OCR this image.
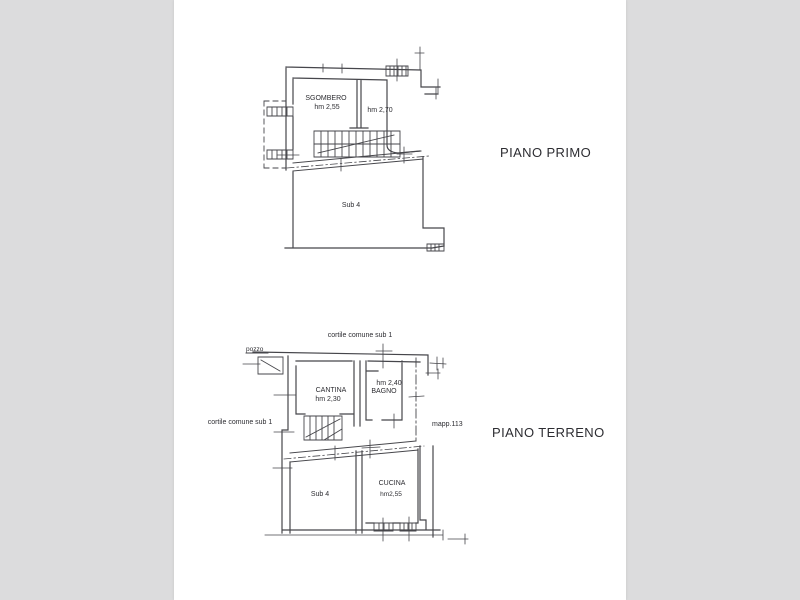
PIANO PRIMO
SGOMBERO
hm 2,55	hm 2,70
Sub 4
PIANO TERRENO
cortile comune sub 1
pozzo
CANTINA
hm 2,30
hm 2,40
BAGNO
cortile comune sub 1	mapp.113
Sub 4
CUCINA
hm2,55
